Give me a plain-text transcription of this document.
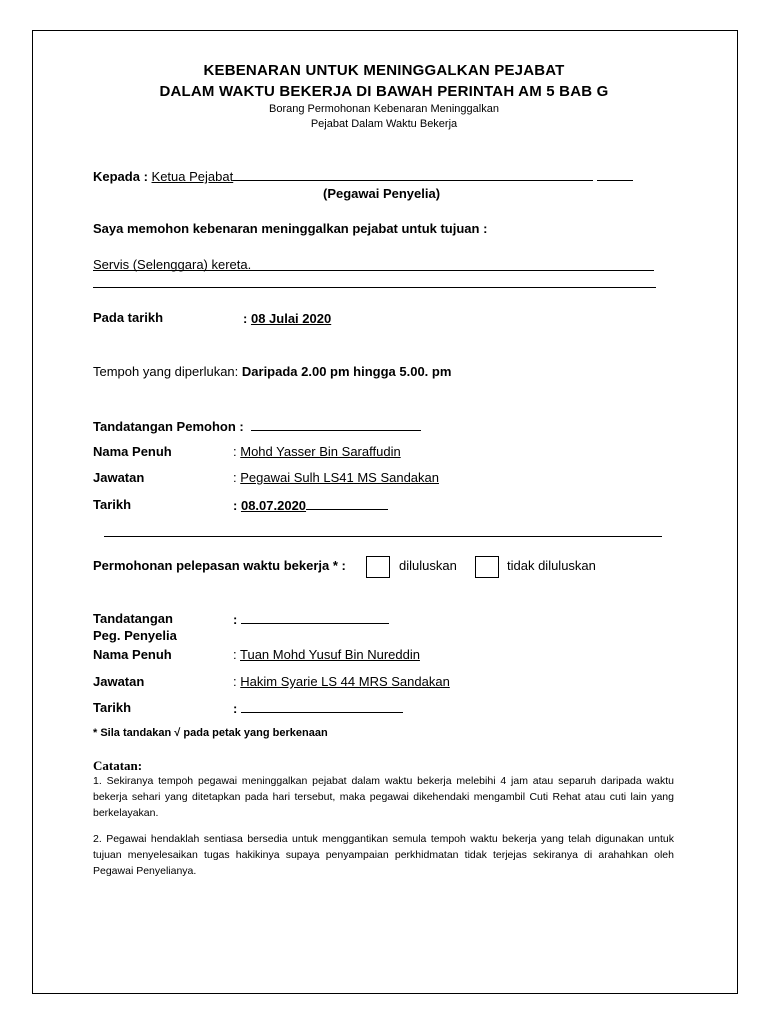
KEBENARAN UNTUK MENINGGALKAN PEJABAT
DALAM WAKTU BEKERJA DI BAWAH PERINTAH AM 5 BAB G
Borang Permohonan Kebenaran Meninggalkan
Pejabat Dalam Waktu Bekerja
Kepada : Ketua Pejabat
(Pegawai Penyelia)
Saya memohon kebenaran meninggalkan pejabat untuk tujuan :
Servis (Selenggara) kereta.
Pada tarikh	: 08 Julai 2020
Tempoh yang diperlukan: Daripada 2.00 pm hingga 5.00. pm
Tandatangan Pemohon :
Nama Penuh	: Mohd Yasser Bin Saraffudin
Jawatan	: Pegawai Sulh LS41 MS Sandakan
Tarikh	: 08.07.2020
Permohonan pelepasan waktu bekerja * :	diluluskan	tidak diluluskan
Tandatangan	:
Peg. Penyelia
Nama Penuh	: Tuan Mohd Yusuf Bin Nureddin
Jawatan	: Hakim Syarie LS 44 MRS Sandakan
Tarikh	:
* Sila tandakan √ pada petak yang berkenaan
Catatan:
1. Sekiranya tempoh pegawai meninggalkan pejabat dalam waktu bekerja melebihi 4 jam atau separuh daripada waktu bekerja sehari yang ditetapkan pada hari tersebut, maka pegawai dikehendaki mengambil Cuti Rehat atau cuti lain yang berkelayakan.
2. Pegawai hendaklah sentiasa bersedia untuk menggantikan semula tempoh waktu bekerja yang telah digunakan untuk tujuan menyelesaikan tugas hakikinya supaya penyampaian perkhidmatan tidak terjejas sekiranya di arahahkan oleh Pegawai Penyelianya.
